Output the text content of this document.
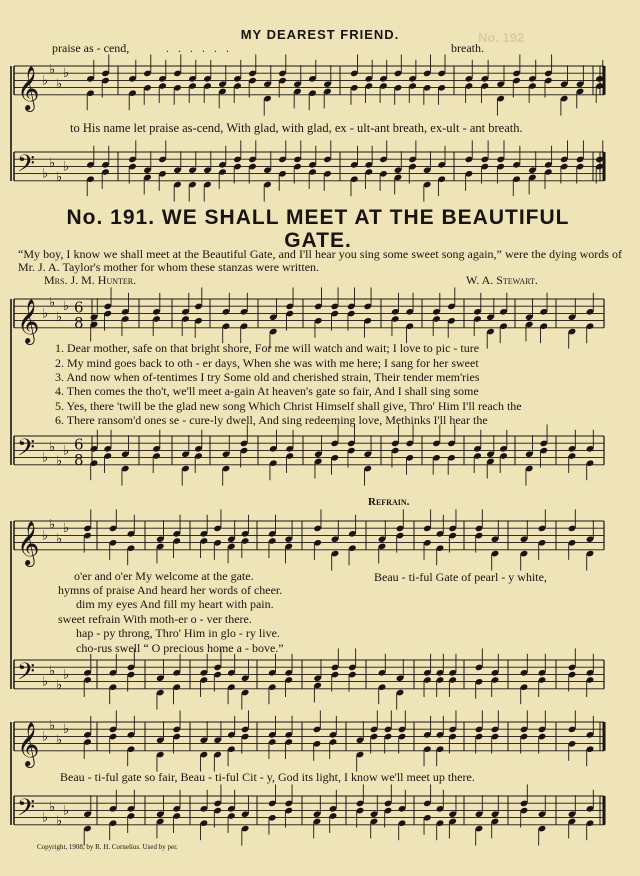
𝄞 ♭
♭
♭
♭
𝄢 ♭
♭
♭
♭
𝄞 ♭
♭
♭
♭ 6
8
𝄢 ♭
♭
♭
♭ 6
8
𝄞 ♭
♭
♭
♭
𝄢 ♭
♭
♭
♭
𝄞 ♭
♭
♭
♭
𝄢 ♭
♭
♭
♭
No. 192
MY DEAREST FRIEND.
praise as - cend,	. . . . . .	breath.
to His name let praise as-cend, With glad, with glad, ex - ult-ant breath, ex-ult - ant breath.
No. 191. WE SHALL MEET AT THE BEAUTIFUL
GATE.
“My boy, I know we shall meet at the Beautiful Gate, and I'll hear you sing some sweet song again,” were the dying words of Mr. J. A. Taylor's mother for whom these stanzas were written.
Mrs. J. M. Hunter.	W. A. Stewart.
1. Dear mother, safe on that bright shore, For me will watch and wait; I love to pic - ture
2. My mind goes back to oth - er days, When she was with me here; I sang for her sweet
3. And now when of-tentimes I try Some old and cherished strain, Their tender mem'ries
4. Then comes the tho't, we'll meet a-gain At heaven's gate so fair, And I shall sing some
5. Yes, there 'twill be the glad new song Which Christ Himself shall give, Thro' Him I'll reach the
6. There ransom'd ones se - cure-ly dwell, And sing redeeming love, Methinks I'll hear the
Refrain.
o'er and o'er My welcome at the gate.
hymns of praise And heard her words of cheer.
dim my eyes And fill my heart with pain.
sweet refrain With moth-er o - ver there.
hap - py throng, Thro' Him in glo - ry live.
cho-rus swell “ O precious home a - bove.”
Beau - ti-ful Gate of pearl - y white,
Beau - ti-ful gate so fair, Beau - ti-ful Cit - y, God its light, I know we'll meet up there.
Copyright, 1908, by R. H. Cornelius. Used by per.
